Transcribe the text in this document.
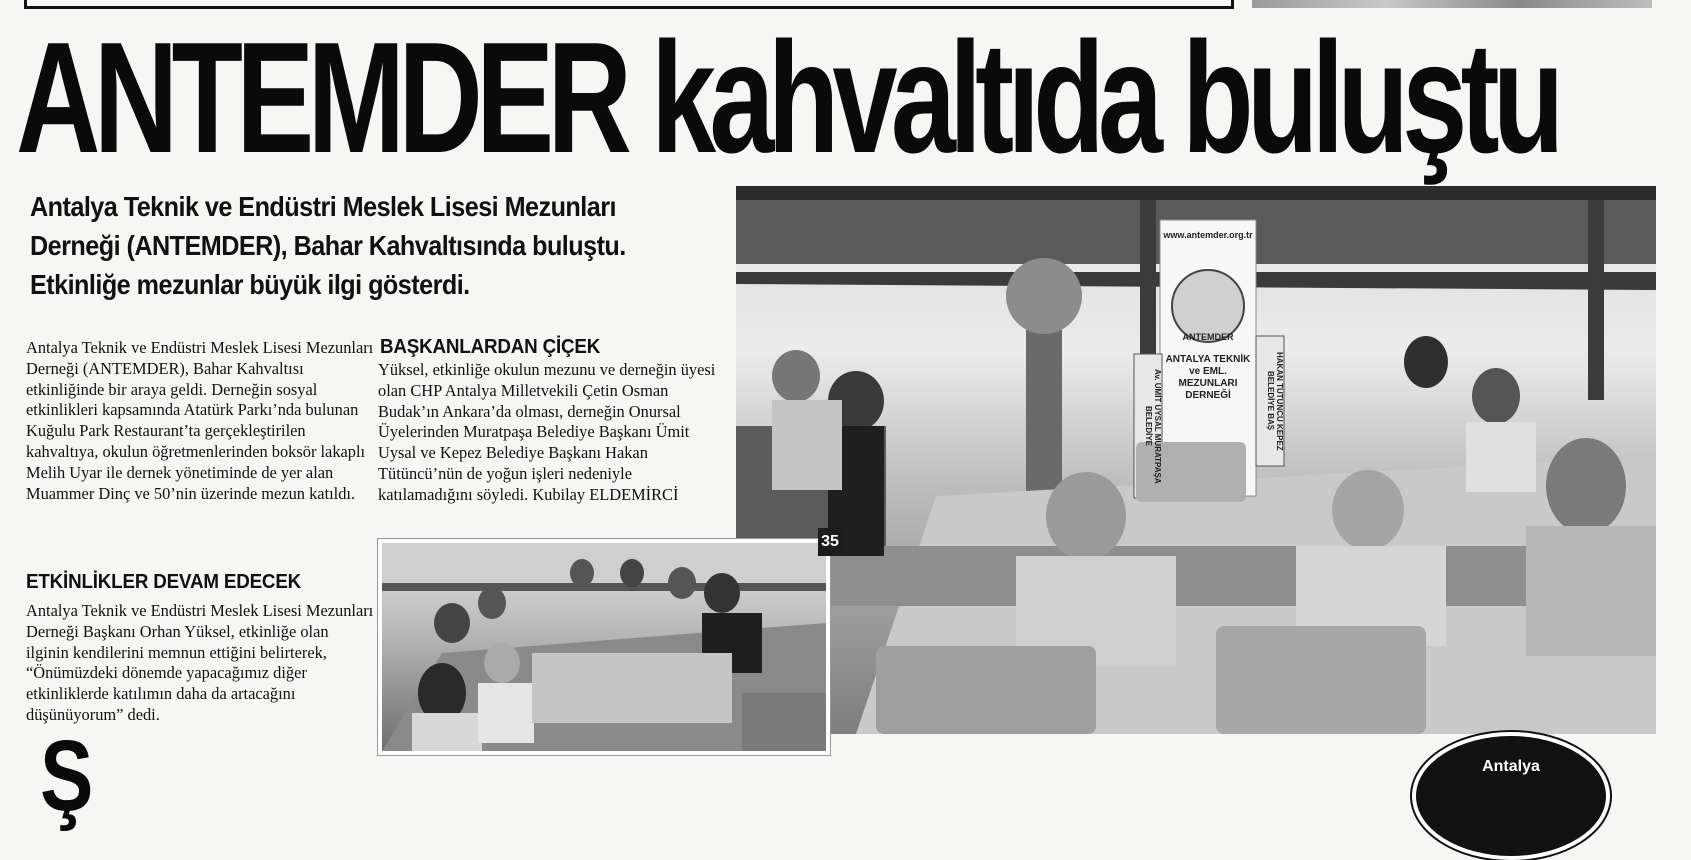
ANTEMDER kahvaltıda buluştu

Antalya Teknik ve Endüstri Meslek Lisesi Mezunları Derneği (ANTEMDER), Bahar Kahvaltısında buluştu. Etkinliğe mezunlar büyük ilgi gösterdi.

Antalya Teknik ve Endüstri Meslek Lisesi Mezunları Derneği (ANTEMDER), Bahar Kahvaltısı etkinliğinde bir araya geldi. Derneğin sosyal etkinlikleri kapsamında Atatürk Parkı’nda bulunan Kuğulu Park Restaurant’ta gerçekleştirilen kahvaltıya, okulun öğretmenlerinden boksör lakaplı Melih Uyar ile dernek yönetiminde de yer alan Muammer Dinç ve 50’nin üzerinde mezun katıldı.

ETKİNLİKLER DEVAM EDECEK

Antalya Teknik ve Endüstri Meslek Lisesi Mezunları Derneği Başkanı Orhan Yüksel, etkinliğe olan ilginin kendilerini memnun ettiğini belirterek, “Önümüzdeki dönemde yapacağımız diğer etkinliklerde katılımın daha da artacağını düşünüyorum” dedi.

BAŞKANLARDAN ÇİÇEK

Yüksel, etkinliğe okulun mezunu ve derneğin üyesi olan CHP Antalya Milletvekili Çetin Osman Budak’ın Ankara’da olması, derneğin Onursal Üyelerinden Muratpaşa Belediye Başkanı Ümit Uysal ve Kepez Belediye Başkanı Hakan Tütüncü’nün de yoğun işleri nedeniyle katılamadığını söyledi. Kubilay ELDEMİRCİ

www.antemder.org.tr
ANTEMDER
ANTALYA TEKNİK ve EML. MEZUNLARI DERNEĞİ
Av. ÜMİT UYSAL MURATPAŞA BELEDİYE	HAKAN TÜTÜNCÜ KEPEZ BELEDİYE BAŞ
35
Ş	Antalya
